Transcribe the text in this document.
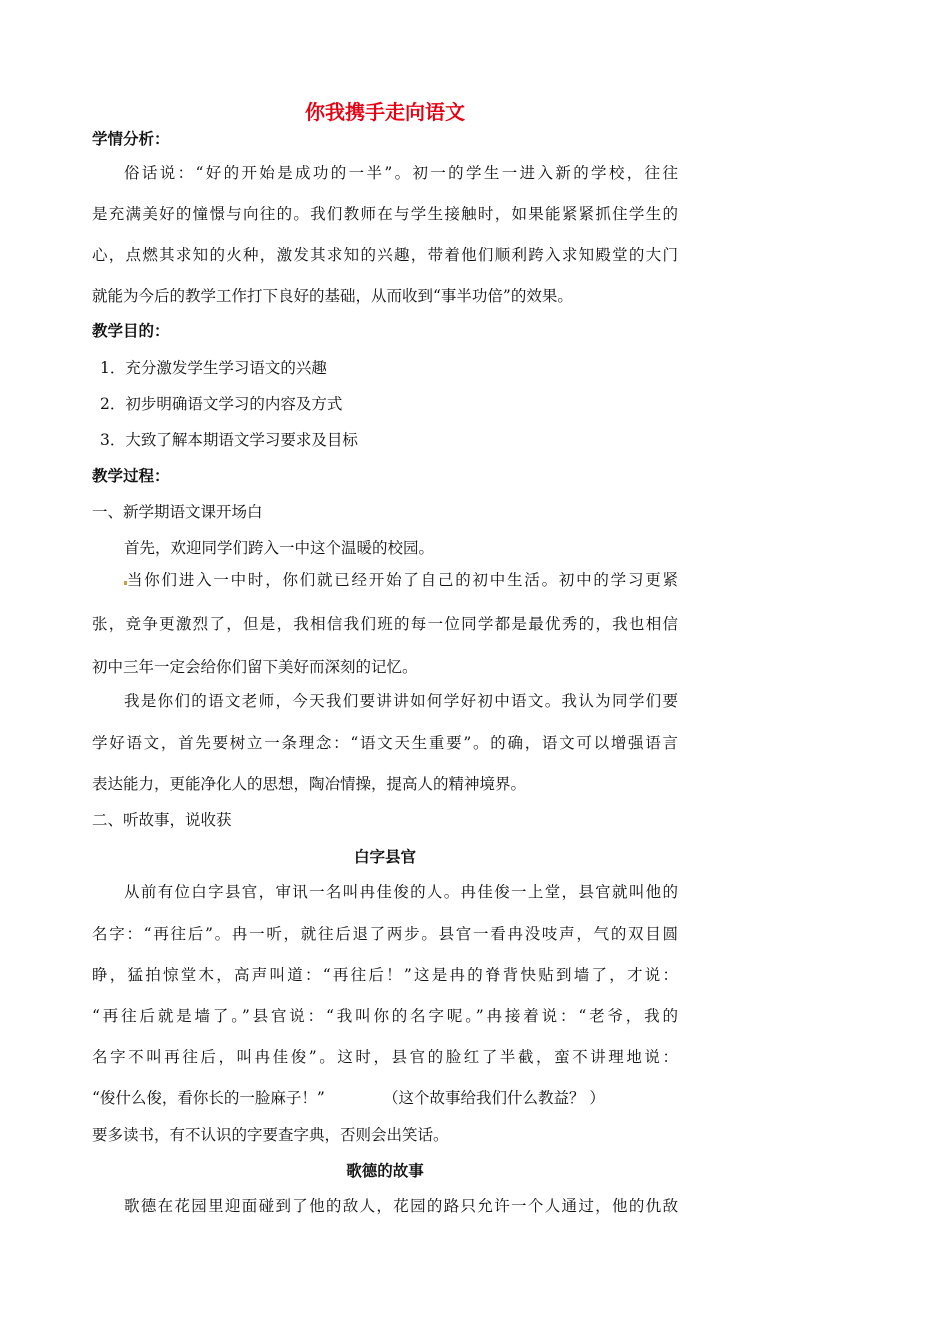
你我携手走向语文
学情分析：
俗话说：“好的开始是成功的一半”。初一的学生一进入新的学校，往往
是充满美好的憧憬与向往的。我们教师在与学生接触时，如果能紧紧抓住学生的
心，点燃其求知的火种，激发其求知的兴趣，带着他们顺利跨入求知殿堂的大门
就能为今后的教学工作打下良好的基础，从而收到“事半功倍”的效果。
教学目的：
1．充分激发学生学习语文的兴趣
2．初步明确语文学习的内容及方式
3．大致了解本期语文学习要求及目标
教学过程：
一、新学期语文课开场白
首先，欢迎同学们跨入一中这个温暖的校园。
当你们进入一中时，你们就已经开始了自己的初中生活。初中的学习更紧
张，竞争更激烈了，但是，我相信我们班的每一位同学都是最优秀的，我也相信
初中三年一定会给你们留下美好而深刻的记忆。
我是你们的语文老师，今天我们要讲讲如何学好初中语文。我认为同学们要
学好语文，首先要树立一条理念：“语文天生重要”。的确，语文可以增强语言
表达能力，更能净化人的思想，陶冶情操，提高人的精神境界。
二、听故事，说收获
白字县官
从前有位白字县官，审讯一名叫冉佳俊的人。冉佳俊一上堂，县官就叫他的
名字：“再往后”。冉一听，就往后退了两步。县官一看冉没吱声，气的双目圆
睁，猛拍惊堂木，高声叫道：“再往后！”这是冉的脊背快贴到墙了，才说：
“再往后就是墙了。”县官说：“我叫你的名字呢。”冉接着说：“老爷，我的
名字不叫再往后，叫冉佳俊”。这时，县官的脸红了半截，蛮不讲理地说：
“俊什么俊，看你长的一脸麻子！”	（这个故事给我们什么教益？ ）
要多读书，有不认识的字要查字典，否则会出笑话。
歌德的故事
歌德在花园里迎面碰到了他的敌人，花园的路只允许一个人通过，他的仇敌
